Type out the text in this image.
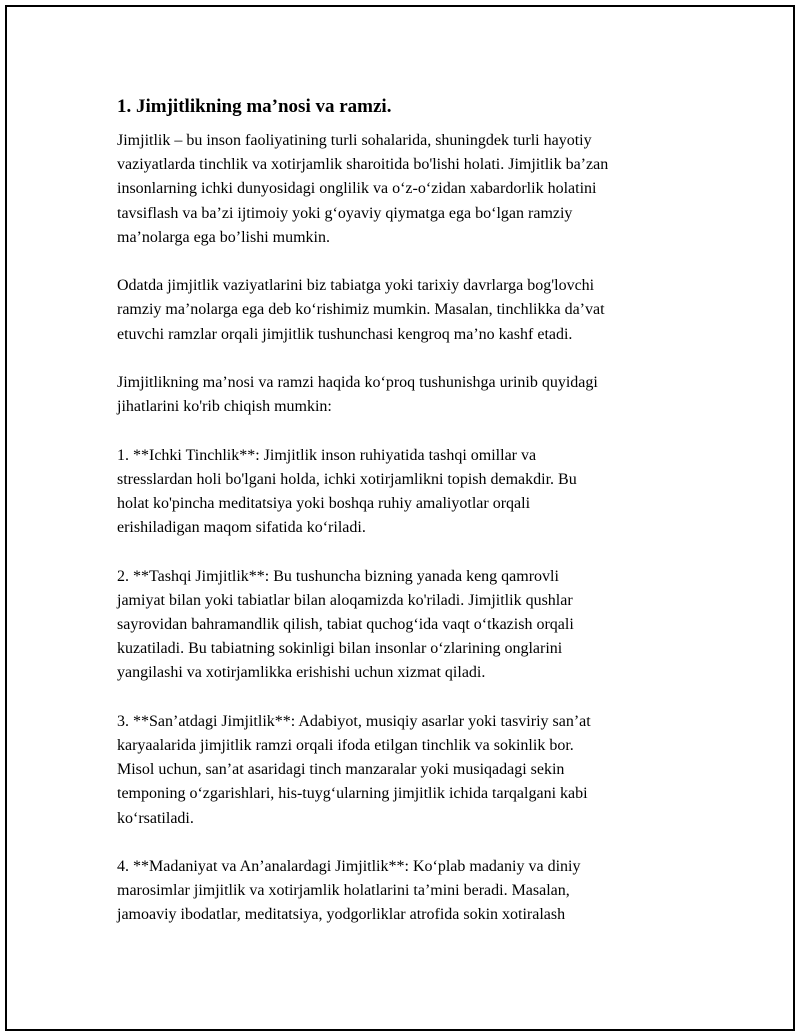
1. Jimjitlikning ma’nosi va ramzi.
Jimjitlik – bu inson faoliyatining turli sohalarida, shuningdek turli hayotiy
vaziyatlarda tinchlik va xotirjamlik sharoitida bo'lishi holati. Jimjitlik ba’zan
insonlarning ichki dunyosidagi onglilik va o‘z-o‘zidan xabardorlik holatini
tavsiflash va ba’zi ijtimoiy yoki g‘oyaviy qiymatga ega bo‘lgan ramziy
ma’nolarga ega bo’lishi mumkin.
Odatda jimjitlik vaziyatlarini biz tabiatga yoki tarixiy davrlarga bog'lovchi
ramziy ma’nolarga ega deb ko‘rishimiz mumkin. Masalan, tinchlikka da’vat
etuvchi ramzlar orqali jimjitlik tushunchasi kengroq ma’no kashf etadi.
Jimjitlikning ma’nosi va ramzi haqida ko‘proq tushunishga urinib quyidagi
jihatlarini ko'rib chiqish mumkin:
1. **Ichki Tinchlik**: Jimjitlik inson ruhiyatida tashqi omillar va
stresslardan holi bo'lgani holda, ichki xotirjamlikni topish demakdir. Bu
holat ko'pincha meditatsiya yoki boshqa ruhiy amaliyotlar orqali
erishiladigan maqom sifatida ko‘riladi.
2. **Tashqi Jimjitlik**: Bu tushuncha bizning yanada keng qamrovli
jamiyat bilan yoki tabiatlar bilan aloqamizda ko'riladi. Jimjitlik qushlar
sayrovidan bahramandlik qilish, tabiat quchog‘ida vaqt o‘tkazish orqali
kuzatiladi. Bu tabiatning sokinligi bilan insonlar o‘zlarining onglarini
yangilashi va xotirjamlikka erishishi uchun xizmat qiladi.
3. **San’atdagi Jimjitlik**: Adabiyot, musiqiy asarlar yoki tasviriy san’at
karyaalarida jimjitlik ramzi orqali ifoda etilgan tinchlik va sokinlik bor.
Misol uchun, san’at asaridagi tinch manzaralar yoki musiqadagi sekin
temponing o‘zgarishlari, his-tuyg‘ularning jimjitlik ichida tarqalgani kabi
ko‘rsatiladi.
4. **Madaniyat va An’analardagi Jimjitlik**: Ko‘plab madaniy va diniy
marosimlar jimjitlik va xotirjamlik holatlarini ta’mini beradi. Masalan,
jamoaviy ibodatlar, meditatsiya, yodgorliklar atrofida sokin xotiralash
